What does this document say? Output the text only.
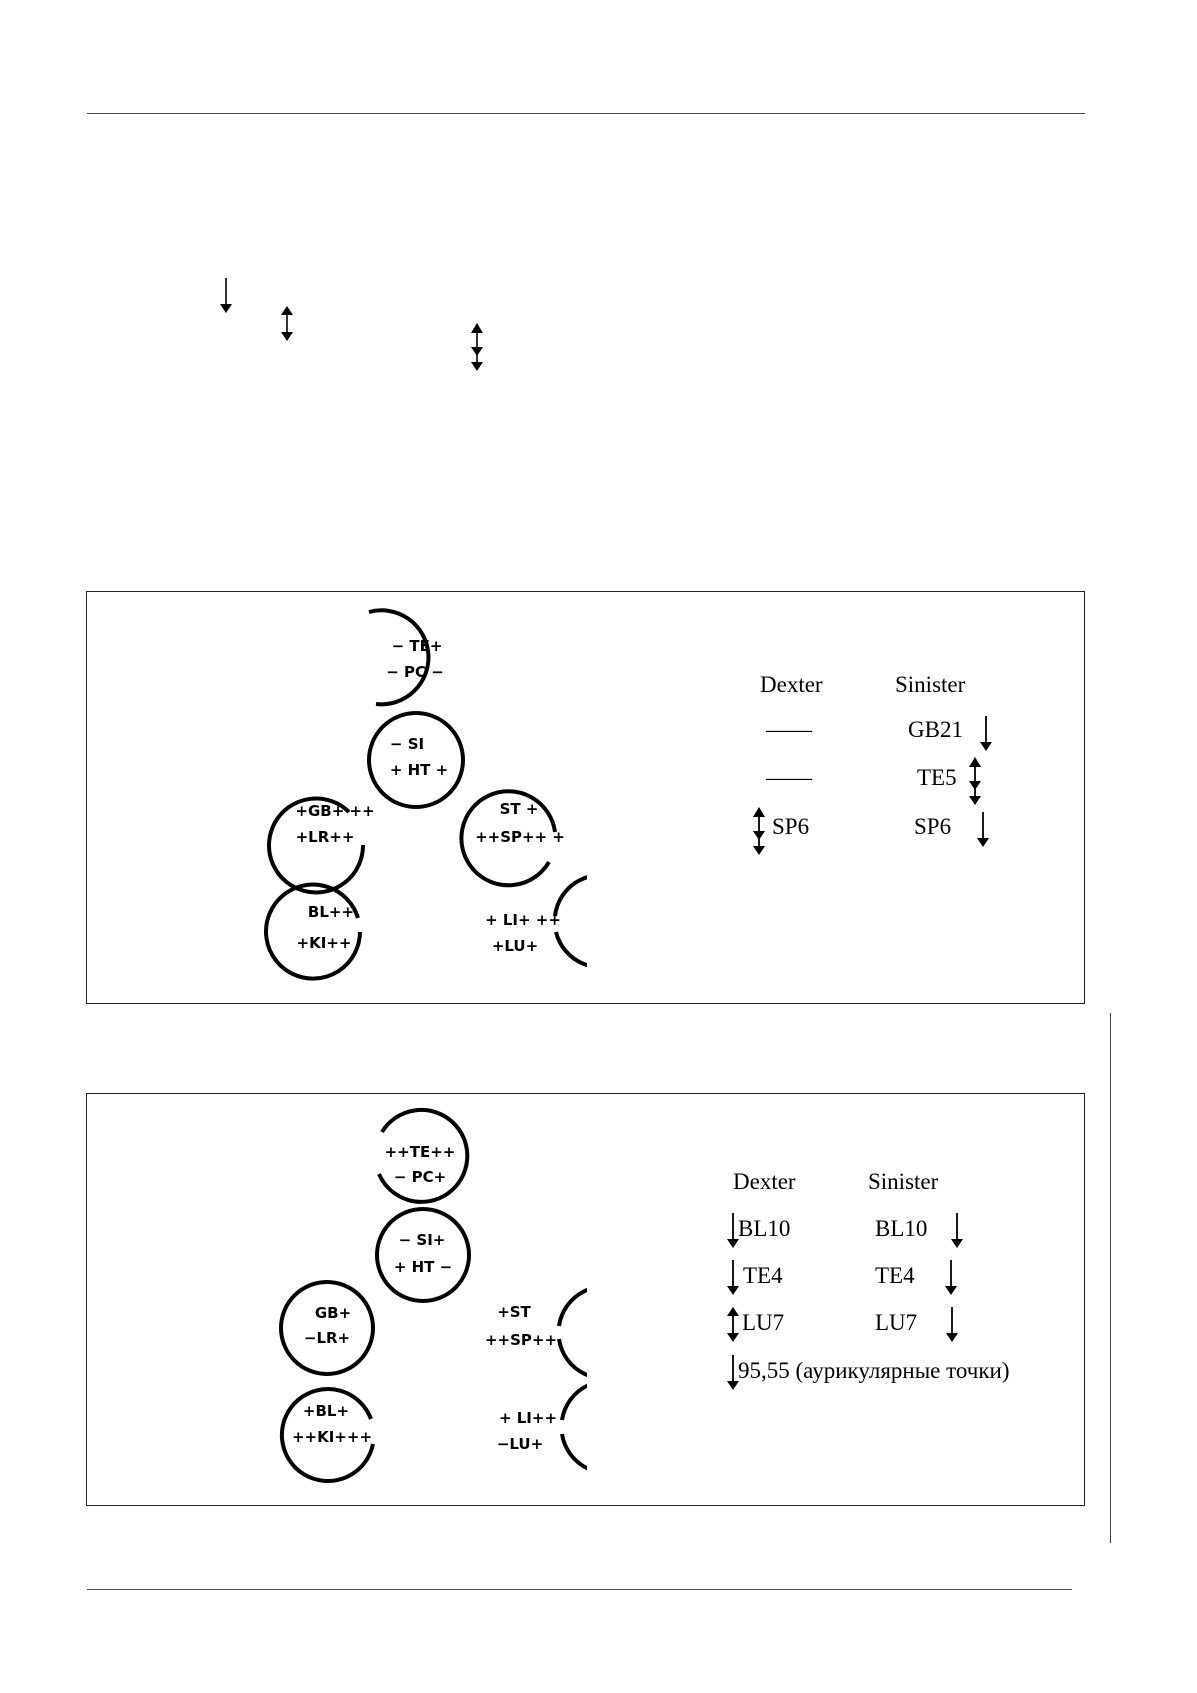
− TE+
− PC −
− SI
+ HT +
+GB+ ++
+LR++
ST +
++SP++ +
BL++
+KI++
+ LI+ ++
+LU+
Dexter	Sinister
——	GB21
——	TE5
SP6	SP6
++TE++
− PC+
− SI+
+ HT −
GB+
−LR+
+ST
++SP++
+BL+
++KI+++
+ LI++
−LU+
Dexter	Sinister
BL10	BL10
TE4	TE4
LU7	LU7
95,55 (аурикулярные точки)
